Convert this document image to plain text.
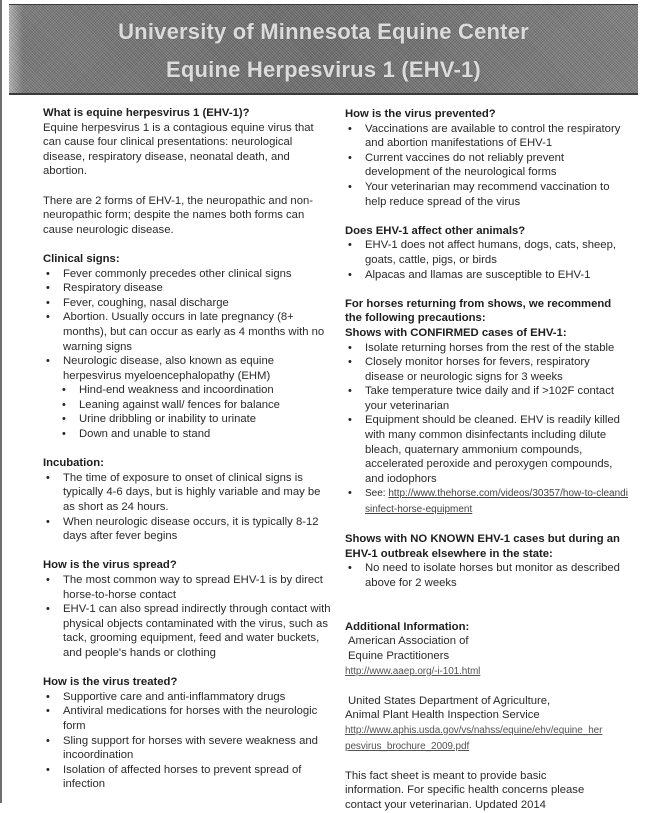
University of Minnesota Equine Center
Equine Herpesvirus 1 (EHV-1)

What is equine herpesvirus 1 (EHV-1)?

Equine herpesvirus 1 is a contagious equine virus that can cause four clinical presentations: neurological disease, respiratory disease, neonatal death, and abortion.

There are 2 forms of EHV-1, the neuropathic and non-neuropathic form; despite the names both forms can cause neurologic disease.

Clinical signs:

• Fever commonly precedes other clinical signs
• Respiratory disease
• Fever, coughing, nasal discharge
• Abortion. Usually occurs in late pregnancy (8+ months), but can occur as early as 4 months with no warning signs
• Neurologic disease, also known as equine herpesvirus myeloencephalopathy (EHM)
• Hind-end weakness and incoordination
• Leaning against wall/ fences for balance
• Urine dribbling or inability to urinate
• Down and unable to stand

Incubation:

• The time of exposure to onset of clinical signs is typically 4-6 days, but is highly variable and may be as short as 24 hours.
• When neurologic disease occurs, it is typically 8-12 days after fever begins

How is the virus spread?

• The most common way to spread EHV-1 is by direct horse-to-horse contact
• EHV-1 can also spread indirectly through contact with physical objects contaminated with the virus, such as tack, grooming equipment, feed and water buckets, and people's hands or clothing

How is the virus treated?

• Supportive care and anti-inflammatory drugs
• Antiviral medications for horses with the neurologic form
• Sling support for horses with severe weakness and incoordination
• Isolation of affected horses to prevent spread of infection

How is the virus prevented?

• Vaccinations are available to control the respiratory and abortion manifestations of EHV-1
• Current vaccines do not reliably prevent development of the neurological forms
• Your veterinarian may recommend vaccination to help reduce spread of the virus

Does EHV-1 affect other animals?

• EHV-1 does not affect humans, dogs, cats, sheep, goats, cattle, pigs, or birds
• Alpacas and llamas are susceptible to EHV-1

For horses returning from shows, we recommend the following precautions:

Shows with CONFIRMED cases of EHV-1:

• Isolate returning horses from the rest of the stable
• Closely monitor horses for fevers, respiratory disease or neurologic signs for 3 weeks
• Take temperature twice daily and if >102F contact your veterinarian
• Equipment should be cleaned. EHV is readily killed with many common disinfectants including dilute bleach, quaternary ammonium compounds, accelerated peroxide and peroxygen compounds, and iodophors
• See: http://www.thehorse.com/videos/30357/how-to-cleandisinfect-horse-equipment

Shows with NO KNOWN EHV-1 cases but during an EHV-1 outbreak elsewhere in the state:

• No need to isolate horses but monitor as described above for 2 weeks

Additional Information:

American Association of Equine Practitioners

http://www.aaep.org/-i-101.html

United States Department of Agriculture,

Animal Plant Health Inspection Service

http://www.aphis.usda.gov/vs/nahss/equine/ehv/equine_herpesvirus_brochure_2009.pdf

This fact sheet is meant to provide basic information. For specific health concerns please contact your veterinarian. Updated 2014
